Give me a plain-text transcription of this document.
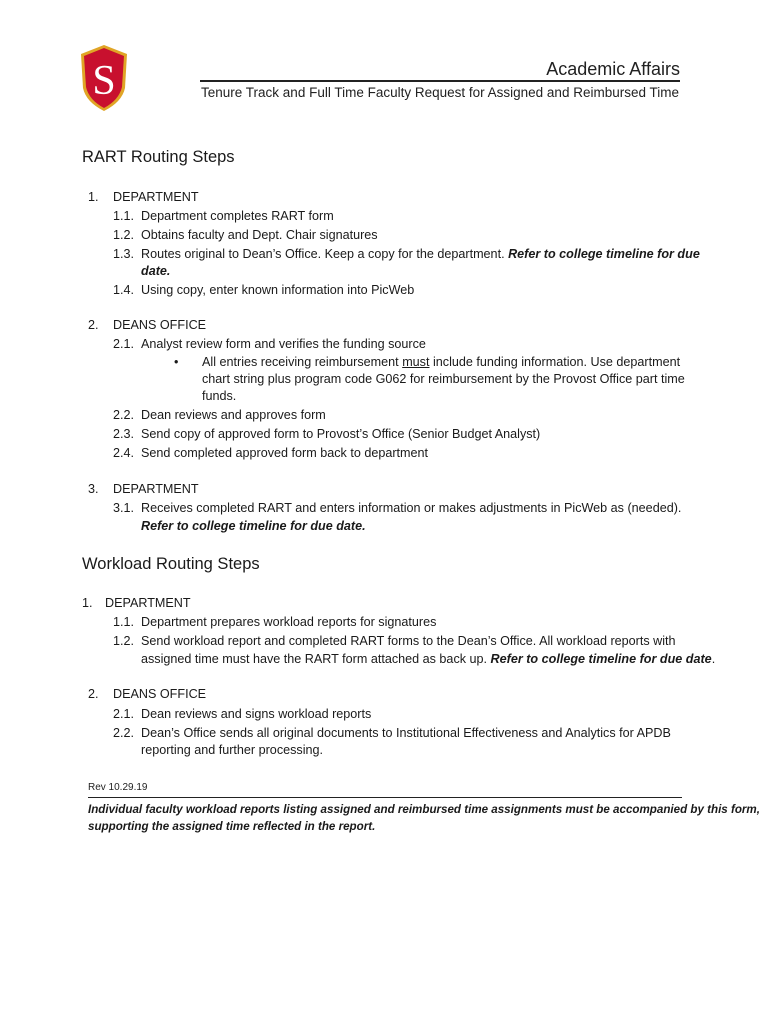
S	Academic Affairs
Tenure Track and Full Time Faculty Request for Assigned and Reimbursed Time
RART Routing Steps
1. DEPARTMENT
1.1. Department completes RART form
1.2. Obtains faculty and Dept. Chair signatures
1.3. Routes original to Dean’s Office. Keep a copy for the department. Refer to college timeline for due
date.
1.4. Using copy, enter known information into PicWeb
2. DEANS OFFICE
2.1. Analyst review form and verifies the funding source
• All entries receiving reimbursement must include funding information. Use department
chart string plus program code G062 for reimbursement by the Provost Office part time
funds.
2.2. Dean reviews and approves form
2.3. Send copy of approved form to Provost’s Office (Senior Budget Analyst)
2.4. Send completed approved form back to department
3. DEPARTMENT
3.1. Receives completed RART and enters information or makes adjustments in PicWeb as (needed).
Refer to college timeline for due date.
Workload Routing Steps
1. DEPARTMENT
1.1. Department prepares workload reports for signatures
1.2. Send workload report and completed RART forms to the Dean’s Office. All workload reports with
assigned time must have the RART form attached as back up. Refer to college timeline for due date.
2. DEANS OFFICE
2.1. Dean reviews and signs workload reports
2.2. Dean’s Office sends all original documents to Institutional Effectiveness and Analytics for APDB
reporting and further processing.
Rev 10.29.19
Individual faculty workload reports listing assigned and reimbursed time assignments must be accompanied by this form,
supporting the assigned time reflected in the report.
